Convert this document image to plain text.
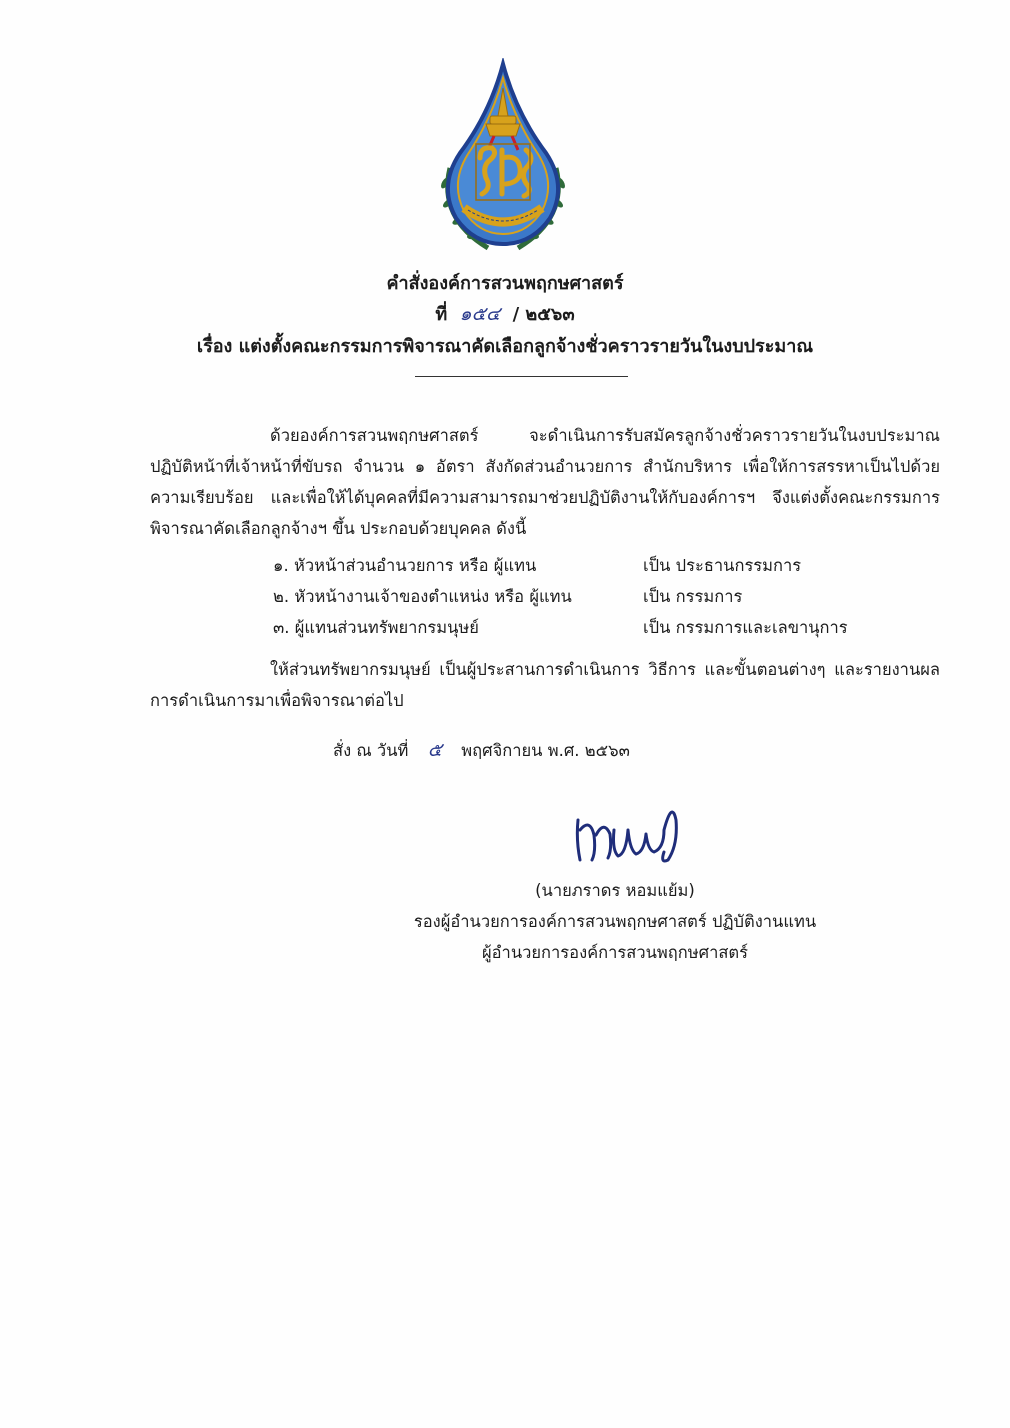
คำสั่งองค์การสวนพฤกษศาสตร์
ที่ ๑๕๔ / ๒๕๖๓
เรื่อง แต่งตั้งคณะกรรมการพิจารณาคัดเลือกลูกจ้างชั่วคราวรายวันในงบประมาณ
ด้วยองค์การสวนพฤกษศาสตร์ จะดำเนินการรับสมัครลูกจ้างชั่วคราวรายวันในงบประมาณ ปฏิบัติหน้าที่เจ้าหน้าที่ขับรถ จำนวน ๑ อัตรา สังกัดส่วนอำนวยการ สำนักบริหาร เพื่อให้การสรรหาเป็นไปด้วยความเรียบร้อย และเพื่อให้ได้บุคคลที่มีความสามารถมาช่วยปฏิบัติงานให้กับองค์การฯ จึงแต่งตั้งคณะกรรมการพิจารณาคัดเลือกลูกจ้างฯ ขึ้น ประกอบด้วยบุคคล ดังนี้
๑. หัวหน้าส่วนอำนวยการ หรือ ผู้แทน	เป็น ประธานกรรมการ
๒. หัวหน้างานเจ้าของตำแหน่ง หรือ ผู้แทน	เป็น กรรมการ
๓. ผู้แทนส่วนทรัพยากรมนุษย์	เป็น กรรมการและเลขานุการ
ให้ส่วนทรัพยากรมนุษย์ เป็นผู้ประสานการดำเนินการ วิธีการ และขั้นตอนต่างๆ และรายงานผลการดำเนินการมาเพื่อพิจารณาต่อไป
สั่ง ณ วันที่ ๕ พฤศจิกายน พ.ศ. ๒๕๖๓
(นายภราดร หอมแย้ม)
รองผู้อำนวยการองค์การสวนพฤกษศาสตร์ ปฏิบัติงานแทน
ผู้อำนวยการองค์การสวนพฤกษศาสตร์
